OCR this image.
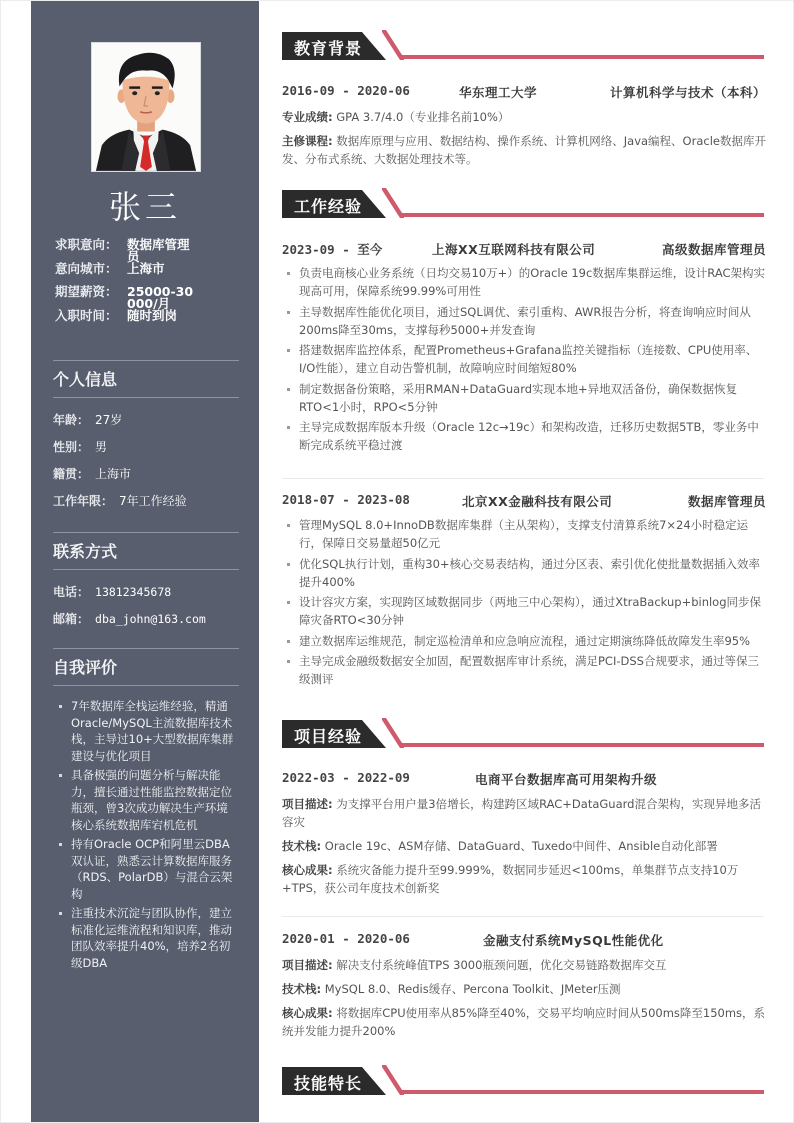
张三
求职意向： 数据库管理员
意向城市： 上海市
期望薪资： 25000-30000/月
入职时间： 随时到岗
个人信息
年龄： 27岁
性别： 男
籍贯： 上海市
工作年限： 7年工作经验
联系方式
电话： 13812345678
邮箱： dba_john@163.com
自我评价
7年数据库全栈运维经验，精通Oracle/MySQL主流数据库技术栈，主导过10+大型数据库集群建设与优化项目
具备极强的问题分析与解决能力，擅长通过性能监控数据定位瓶颈，曾3次成功解决生产环境核心系统数据库宕机危机
持有Oracle OCP和阿里云DBA双认证，熟悉云计算数据库服务（RDS、PolarDB）与混合云架构
注重技术沉淀与团队协作，建立标准化运维流程和知识库，推动团队效率提升40%，培养2名初级DBA
教育背景
2016-09 - 2020-06	华东理工大学	计算机科学与技术（本科）
专业成绩: GPA 3.7/4.0（专业排名前10%）
主修课程: 数据库原理与应用、数据结构、操作系统、计算机网络、Java编程、Oracle数据库开发、分布式系统、大数据处理技术等。
工作经验
2023-09 - 至今	上海XX互联网科技有限公司	高级数据库管理员
负责电商核心业务系统（日均交易10万+）的Oracle 19c数据库集群运维，设计RAC架构实现高可用，保障系统99.99%可用性
主导数据库性能优化项目，通过SQL调优、索引重构、AWR报告分析，将查询响应时间从200ms降至30ms，支撑每秒5000+并发查询
搭建数据库监控体系，配置Prometheus+Grafana监控关键指标（连接数、CPU使用率、I/O性能），建立自动告警机制，故障响应时间缩短80%
制定数据备份策略，采用RMAN+DataGuard实现本地+异地双活备份，确保数据恢复RTO<1小时，RPO<5分钟
主导完成数据库版本升级（Oracle 12c→19c）和架构改造，迁移历史数据5TB，零业务中断完成系统平稳过渡
2018-07 - 2023-08	北京XX金融科技有限公司	数据库管理员
管理MySQL 8.0+InnoDB数据库集群（主从架构），支撑支付清算系统7×24小时稳定运行，保障日交易量超50亿元
优化SQL执行计划，重构30+核心交易表结构，通过分区表、索引优化使批量数据插入效率提升400%
设计容灾方案，实现跨区域数据同步（两地三中心架构），通过XtraBackup+binlog同步保障灾备RTO<30分钟
建立数据库运维规范，制定巡检清单和应急响应流程，通过定期演练降低故障发生率95%
主导完成金融级数据安全加固，配置数据库审计系统，满足PCI-DSS合规要求，通过等保三级测评
项目经验
2022-03 - 2022-09	电商平台数据库高可用架构升级
项目描述: 为支撑平台用户量3倍增长，构建跨区域RAC+DataGuard混合架构，实现异地多活容灾
技术栈: Oracle 19c、ASM存储、DataGuard、Tuxedo中间件、Ansible自动化部署
核心成果: 系统灾备能力提升至99.999%，数据同步延迟<100ms，单集群节点支持10万+TPS，获公司年度技术创新奖
2020-01 - 2020-06	金融支付系统MySQL性能优化
项目描述: 解决支付系统峰值TPS 3000瓶颈问题，优化交易链路数据库交互
技术栈: MySQL 8.0、Redis缓存、Percona Toolkit、JMeter压测
核心成果: 将数据库CPU使用率从85%降至40%，交易平均响应时间从500ms降至150ms，系统并发能力提升200%
技能特长
